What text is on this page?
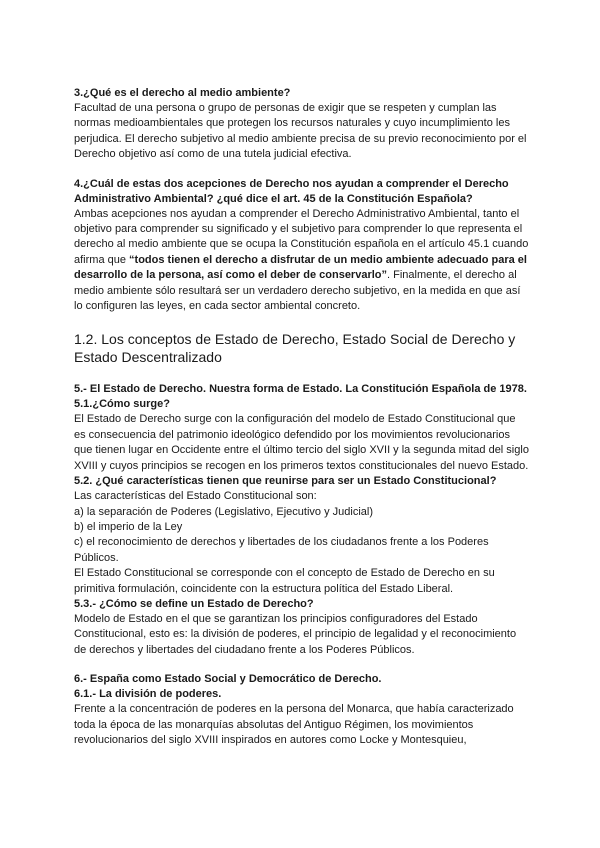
3.¿Qué es el derecho al medio ambiente?

Facultad de una persona o grupo de personas de exigir que se respeten y cumplan las normas medioambientales que protegen los recursos naturales y cuyo incumplimiento les perjudica. El derecho subjetivo al medio ambiente precisa de su previo reconocimiento por el Derecho objetivo así como de una tutela judicial efectiva.

4.¿Cuál de estas dos acepciones de Derecho nos ayudan a comprender el Derecho Administrativo Ambiental? ¿qué dice el art. 45 de la Constitución Española?

Ambas acepciones nos ayudan a comprender el Derecho Administrativo Ambiental, tanto el objetivo para comprender su significado y el subjetivo para comprender lo que representa el derecho al medio ambiente que se ocupa la Constitución española en el artículo 45.1 cuando afirma que “todos tienen el derecho a disfrutar de un medio ambiente adecuado para el desarrollo de la persona, así como el deber de conservarlo”. Finalmente, el derecho al medio ambiente sólo resultará ser un verdadero derecho subjetivo, en la medida en que así lo configuren las leyes, en cada sector ambiental concreto.

1.2. Los conceptos de Estado de Derecho, Estado Social de Derecho y Estado Descentralizado

5.- El Estado de Derecho. Nuestra forma de Estado. La Constitución Española de 1978.

5.1.¿Cómo surge?

El Estado de Derecho surge con la configuración del modelo de Estado Constitucional que es consecuencia del patrimonio ideológico defendido por los movimientos revolucionarios que tienen lugar en Occidente entre el último tercio del siglo XVII y la segunda mitad del siglo XVIII y cuyos principios se recogen en los primeros textos constitucionales del nuevo Estado.

5.2. ¿Qué características tienen que reunirse para ser un Estado Constitucional?

Las características del Estado Constitucional son:

a) la separación de Poderes (Legislativo, Ejecutivo y Judicial)

b) el imperio de la Ley

c) el reconocimiento de derechos y libertades de los ciudadanos frente a los Poderes Públicos.

El Estado Constitucional se corresponde con el concepto de Estado de Derecho en su primitiva formulación, coincidente con la estructura política del Estado Liberal.

5.3.- ¿Cómo se define un Estado de Derecho?

Modelo de Estado en el que se garantizan los principios configuradores del Estado Constitucional, esto es: la división de poderes, el principio de legalidad y el reconocimiento de derechos y libertades del ciudadano frente a los Poderes Públicos.

6.- España como Estado Social y Democrático de Derecho.

6.1.- La división de poderes.

Frente a la concentración de poderes en la persona del Monarca, que había caracterizado toda la época de las monarquías absolutas del Antiguo Régimen, los movimientos revolucionarios del siglo XVIII inspirados en autores como Locke y Montesquieu,
